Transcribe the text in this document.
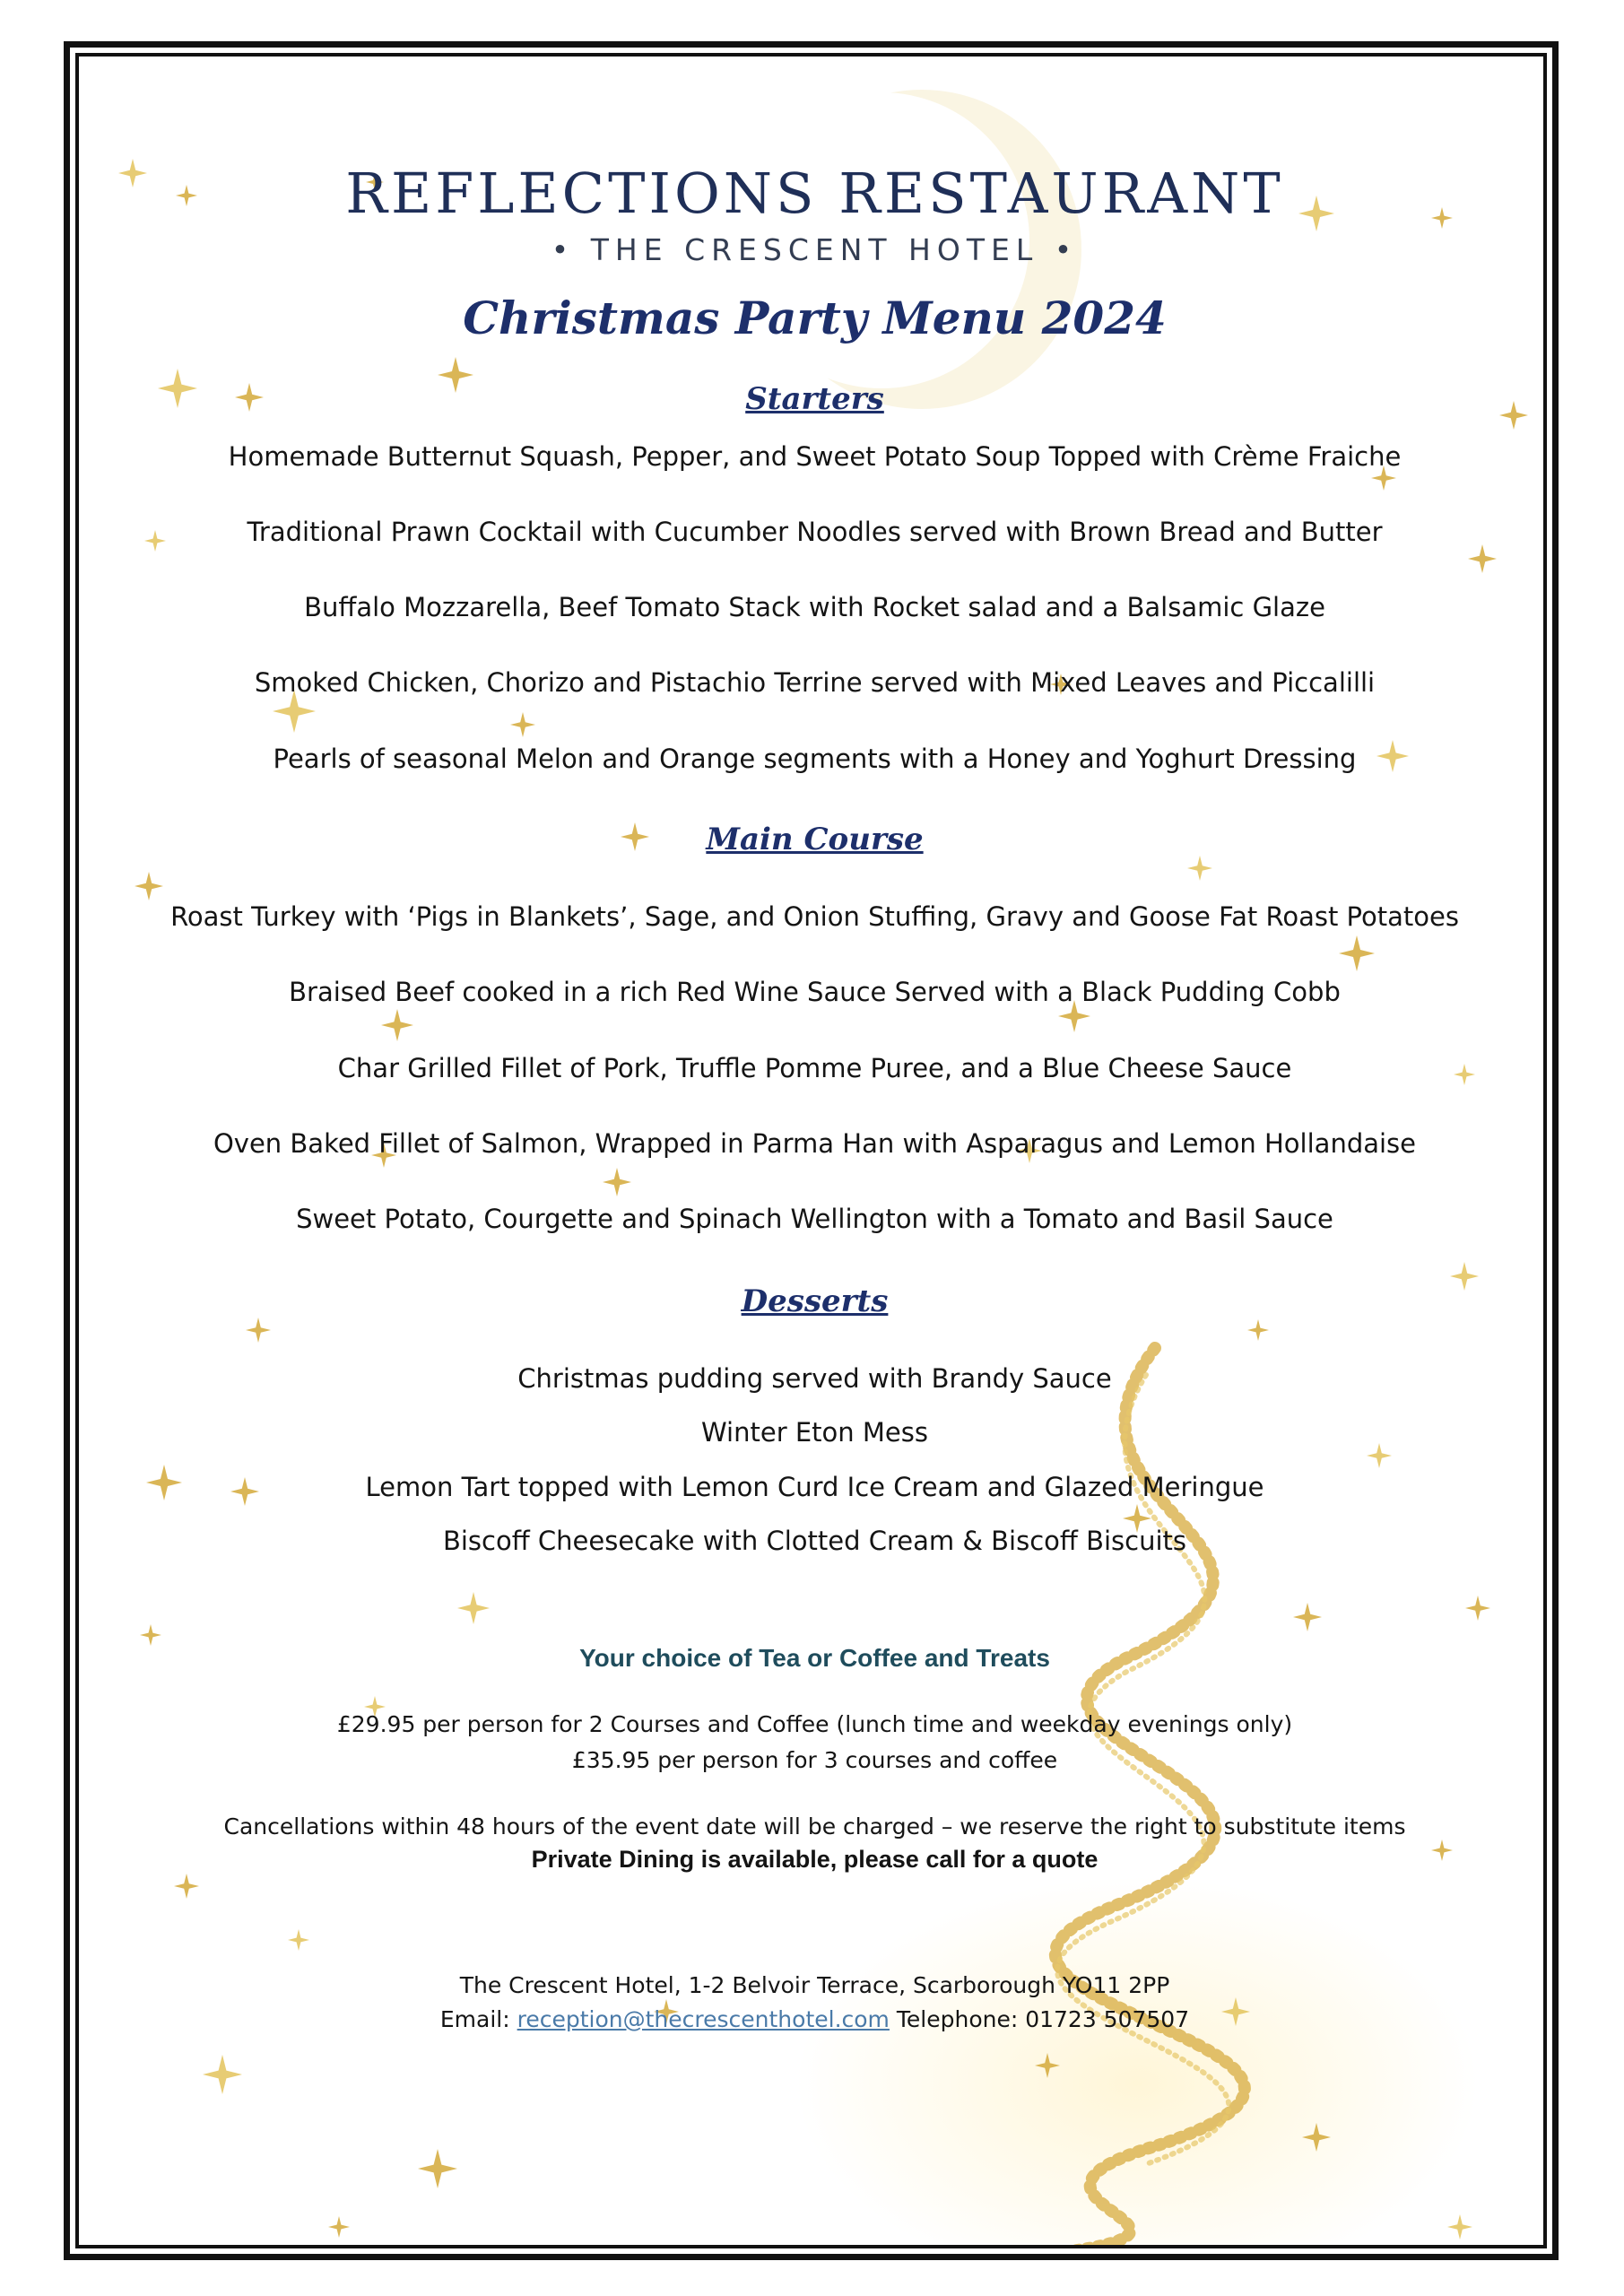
REFLECTIONS RESTAURANT
• THE CRESCENT HOTEL •
Christmas Party Menu 2024
Starters
Homemade Butternut Squash, Pepper, and Sweet Potato Soup Topped with Crème Fraiche
Traditional Prawn Cocktail with Cucumber Noodles served with Brown Bread and Butter
Buffalo Mozzarella, Beef Tomato Stack with Rocket salad and a Balsamic Glaze
Smoked Chicken, Chorizo and Pistachio Terrine served with Mixed Leaves and Piccalilli
Pearls of seasonal Melon and Orange segments with a Honey and Yoghurt Dressing
Main Course
Roast Turkey with ‘Pigs in Blankets’, Sage, and Onion Stuffing, Gravy and Goose Fat Roast Potatoes
Braised Beef cooked in a rich Red Wine Sauce Served with a Black Pudding Cobb
Char Grilled Fillet of Pork, Truffle Pomme Puree, and a Blue Cheese Sauce
Oven Baked Fillet of Salmon, Wrapped in Parma Han with Asparagus and Lemon Hollandaise
Sweet Potato, Courgette and Spinach Wellington with a Tomato and Basil Sauce
Desserts
Christmas pudding served with Brandy Sauce
Winter Eton Mess
Lemon Tart topped with Lemon Curd Ice Cream and Glazed Meringue
Biscoff Cheesecake with Clotted Cream & Biscoff Biscuits
Your choice of Tea or Coffee and Treats
£29.95 per person for 2 Courses and Coffee (lunch time and weekday evenings only)
£35.95 per person for 3 courses and coffee
Cancellations within 48 hours of the event date will be charged – we reserve the right to substitute items
Private Dining is available, please call for a quote
The Crescent Hotel, 1-2 Belvoir Terrace, Scarborough YO11 2PP
Email: reception@thecrescenthotel.com Telephone: 01723 507507
